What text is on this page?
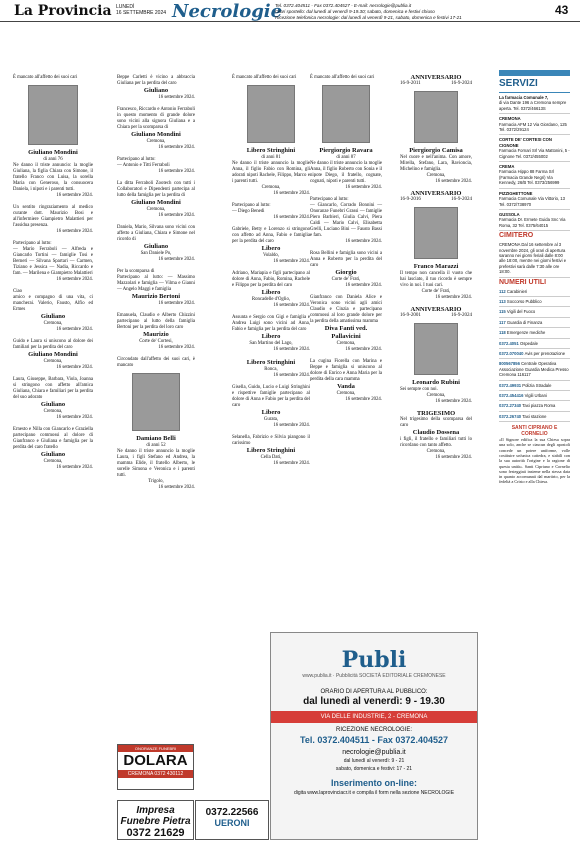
La Provincia LUNEDÌ
16 SETTEMBRE 2024 Necrologie
Tel. 0372.404511 - Fax 0372.404527 - E-mail: necrologie@publia.it
Orari sportello: dal lunedì al venerdì 9-19.30; sabato, domenica e festivi chiuso
Ricezione telefonica necrologie: dal lunedì al venerdì 9-21, sabato, domenica e festivi 17-21
43

È mancato all'affetto dei suoi cari

Giuliano Mondini
di anni 76

Ne danno il triste annuncio: la moglie Giuliana, la figlia Chiara con Simone, il fratello Franco con Luisa, la sorella Maria con Generoso, la consuocera Daniela, i nipoti e i parenti tutti.

16 settembre 2024.

Un sentito ringraziamento al medico curante dott. Maurizio Bosi e all'infermiere Giampietro Malattieri per l'assidua presenza.

16 settembre 2024.

Partecipano al lutto:

— Mario Ferraboli — Alfreda e Giancarlo Tortini — famiglie Tosi e Bernerì — Silvana Spartari — Carmen, Tiziano e Jessica — Nadia, Riccardo e fam. — Marilena e Giampietro Malattieri

16 settembre 2024.

Ciao

amico e compagno di una vita, ci mancherai. Valerio, Fausto, Alfio ed Ermes

Giuliano
Cremona,
16 settembre 2024.

Guido e Laura si uniscono al dolore dei familiari per la perdita del caro

Giuliano Mondini
Cremona,
16 settembre 2024.

Laura, Giuseppe, Barbara, Viola, Joanna si stringono con affetto all'amica Giuliana, Chiara e familiari per la perdita del suo adorato

Giuliano
Cremona,
16 settembre 2024.

Ernesto e Nilla con Giancarlo e Graziella partecipano commossi al dolore di Gianfranco e Giuliana e famiglia per la perdita del caro fratello

Giuliano
Cremona,
16 settembre 2024.

Beppe Carletti è vicino a abbraccia Giuliana per la perdita del caro

Giuliano
16 settembre 2024.

Francesco, Riccardo e Antonio Ferraboli in questo momento di grande dolore sono vicini alla signora Giuliana e a Chiara per la scomparsa di

Giuliano Mondini
Cremona,
16 settembre 2024.

Partecipano al lutto:

— Antonio e Titti Ferraboli

16 settembre 2024.

La ditta Ferraboli Zootech con tutti i Collaboratori e Dipendenti partecipa al lutto della famiglia per la perdita di

Giuliano Mondini
Cremona,
16 settembre 2024.

Daniela, Mario, Silvana sono vicini con affetto a Giuliana, Chiara e Simone nel ricordo di

Giuliano
San Daniele Po,
16 settembre 2024.

Per la scomparsa di

Partecipano al lutto: — Massimo Mazzolari e famiglia — Vilma e Gianni — Angelo Maggi e famiglia

Maurizio Bertoni
16 settembre 2024.

Emanuela, Claudio e Alberto Chizzini partecipano al lutto della famiglia Bertoni per la perdita del loro caro

Maurizio
Corte de' Cortesi,
16 settembre 2024.

Circondato dall'affetto dei suoi cari, è mancato

Damiano Belli
di anni 52

Ne danno il triste annuncio la moglie Laura, i figli Stefano ed Andrea, la mamma Elide, il fratello Alberto, le sorelle Simona e Veronica e i parenti tutti.

Trigolo,
16 settembre 2024.

È mancato all'affetto dei suoi cari

Libero Stringhini
di anni 81

Ne danno il triste annuncio la moglie Anna, il figlio Fabio con Romina, gli adorati nipoti Rachele, Filippo, Marco e i parenti tutti.

Cremona,
16 settembre 2024.

Partecipano al lutto:

— Diego Benedi

16 settembre 2024.

Gabriele, Betty e Lorenzo si stringono con affetto ad Anna, Fabio e famiglia per la perdita del caro

Libero
Volaldo,
16 settembre 2024.

Adriano, Mariapia e figli partecipano al dolore di Anna, Fabio, Romina, Rachele e Filippo per la perdita del caro

Libero
Roncadelle d'Oglio,
16 settembre 2024.

Assunta e Sergio con Gigi e famiglia e Andrea Luigi sono vicini ad Anna, Fabio e famiglia per la perdita del caro

Libero
San Martino del Lago,
16 settembre 2024.
Libero Stringhini
Ronca,
16 settembre 2024.

Gisella, Guido, Lucio e Luigi Stringhini e rispettive famiglie partecipano al dolore di Anna e Fabio per la perdita del caro

Libero
Gurata,
16 settembre 2024.

Selanella, Fabrizio e Silvia piangono il carissimo

Libero Stringhini
Cella Dati,
16 settembre 2024.

È mancato all'affetto dei suoi cari

Piergiorgio Ravara
di anni 87

Ne danno il triste annuncio la moglie Anna, il figlio Roberto con Sonia e il nipote Diego, il fratello, cognate, cognati, nipoti e parenti tutti.

16 settembre 2024.

Partecipano al lutto:

— Giancarlo, Corrado Bonnini — Onoranze Funebri Grassi — famiglie Piero Barbieri, Giulia Calvi, Piera Caldi — Mario Calvi, Elisabetta Grelli, Luciano Bini — Fausto Bassi e fam.

16 settembre 2024.

Rosa Bellini e famiglia sono vicini a Anna e Roberto per la perdita del caro

Giorgio
Corte de' Frati,
16 settembre 2024.

Gianfranco con Daniela Alice e Veronica sono vicini agli amici Claudio e Cinzia e partecipano commossi al loro grande dolore per la perdita della amatissima mamma

Diva Fanti ved. Pallavicini
Cremona,
16 settembre 2024.

La cugina Fiorella con Marina e Beppe e famiglia si uniscono al dolore di Enrico e Anna Maria per la perdita della cara mamma

Vanda
Cremona,
16 settembre 2024.
ANNIVERSARIO
16-9-2011	16-9-2024
Piergiorgio Camisa

Nel cuore e nell'anima. Con amore, Mirella, Stefano, Lara, Ravioncia, Michelino e famiglia.

Cremona,
16 settembre 2024.
ANNIVERSARIO
16-9-2016	16-9-2024
Franco Marazzi

Il tempo non cancella il vuoto che hai lasciato, il tuo ricordo è sempre vivo in noi. I tuoi cari.

Corte de' Frati,
16 settembre 2024.
ANNIVERSARIO
16-9-2001	16-9-2024
Leonardo Rubini

Sei sempre con noi.

Cremona,
16 settembre 2024.
TRIGESIMO

Nel trigesimo della scomparsa del caro

Claudio Dossena

i figli, il fratello e familiari tutti lo ricordano con tanto affetto.

Cremona,
16 settembre 2024.
SERVIZI
La farmacia Comunale 7,
di via Dante 196 a Cremona sempre aperta. Tel. 0372/46613S
CREMONA
Farmacia AFM 12 Via Giordano, 125 Tel. 0372/29124
CORTE DE' CORTESI CON CIGNONE
Farmacia Fornari Srl Via Mattonini, 5 - Cignone Tel. 0372/455002
CREMA
Farmacia Hippo 88 Farma Srl (Farmacia Grande Negri) Via Kennedy, 26/B Tel. 0373/256999
PIZZIGHETTONE
Farmacia Comunale Via Vittorio, 13 Tel. 0372/738970
GUSSOLA
Farmacia Dr. Ermete Guida Snc Via Roma, 32 Tel. 0375/64015
CIMITERO
CREMONA Dal 16 settembre al 3 novembre 2024, gli orari di apertura saranno nei giorni feriali dalle 8:00 alle 18:00, mentre nei giorni festivi e prefestivi sarà dalle 7:30 alle ore 18:00.
NUMERI UTILI
112 Carabinieri
113 Soccorso Pubblico
115 Vigili del Fuoco
117 Guardia di Finanza
118 Emergenze mediche
0372.4051 Ospedale
0372.070040 Avis per prenotazione
800567856 Centrale Operativa Associazione Guardia Medica Presso Cremona 116117
0372.49931 Polizia Stradale
0372.454416 Vigili Urbani
0372.27340 Taxi piazza Roma
0372.26740 Taxi stazione
SANTI CIPRIANO E CORNELIO

«Il Signore edifica la sua Chiesa sopra una solo, anche se ciascun degli apostoli concede un potere uniforme, volle costituire un'unica cattedra, e stabilì con la sua autorità l'origine e la ragione di questa unità». Santi Cipriano e Cornelio sono festeggiati insieme nella stessa data in quanto accomunati dal martirio, per la fedeltà a Cristo e alla Chiesa.

Publi
www.publia.it · Pubblicità SOCIETÀ EDITORIALE CREMONESE
ORARIO DI APERTURA AL PUBBLICO:
dal lunedì al venerdì: 9 - 19.30
VIA DELLE INDUSTRIE, 2 - CREMONA
RICEZIONE NECROLOGIE:
Tel. 0372.404511 - Fax 0372.404527
necrologie@publia.it
dal lunedì al venerdì: 9 - 21
sabato, domenica e festivi: 17 - 21
Inserimento on-line:
digita www.laprovinciacr.it e compila il form nella sezione NECROLOGIE
ONORANZE FUNEBRI
DOLARA
CREMONA 0372 430112
Impresa Funebre Pietra
0372 21629
0372.22566
UERONI
